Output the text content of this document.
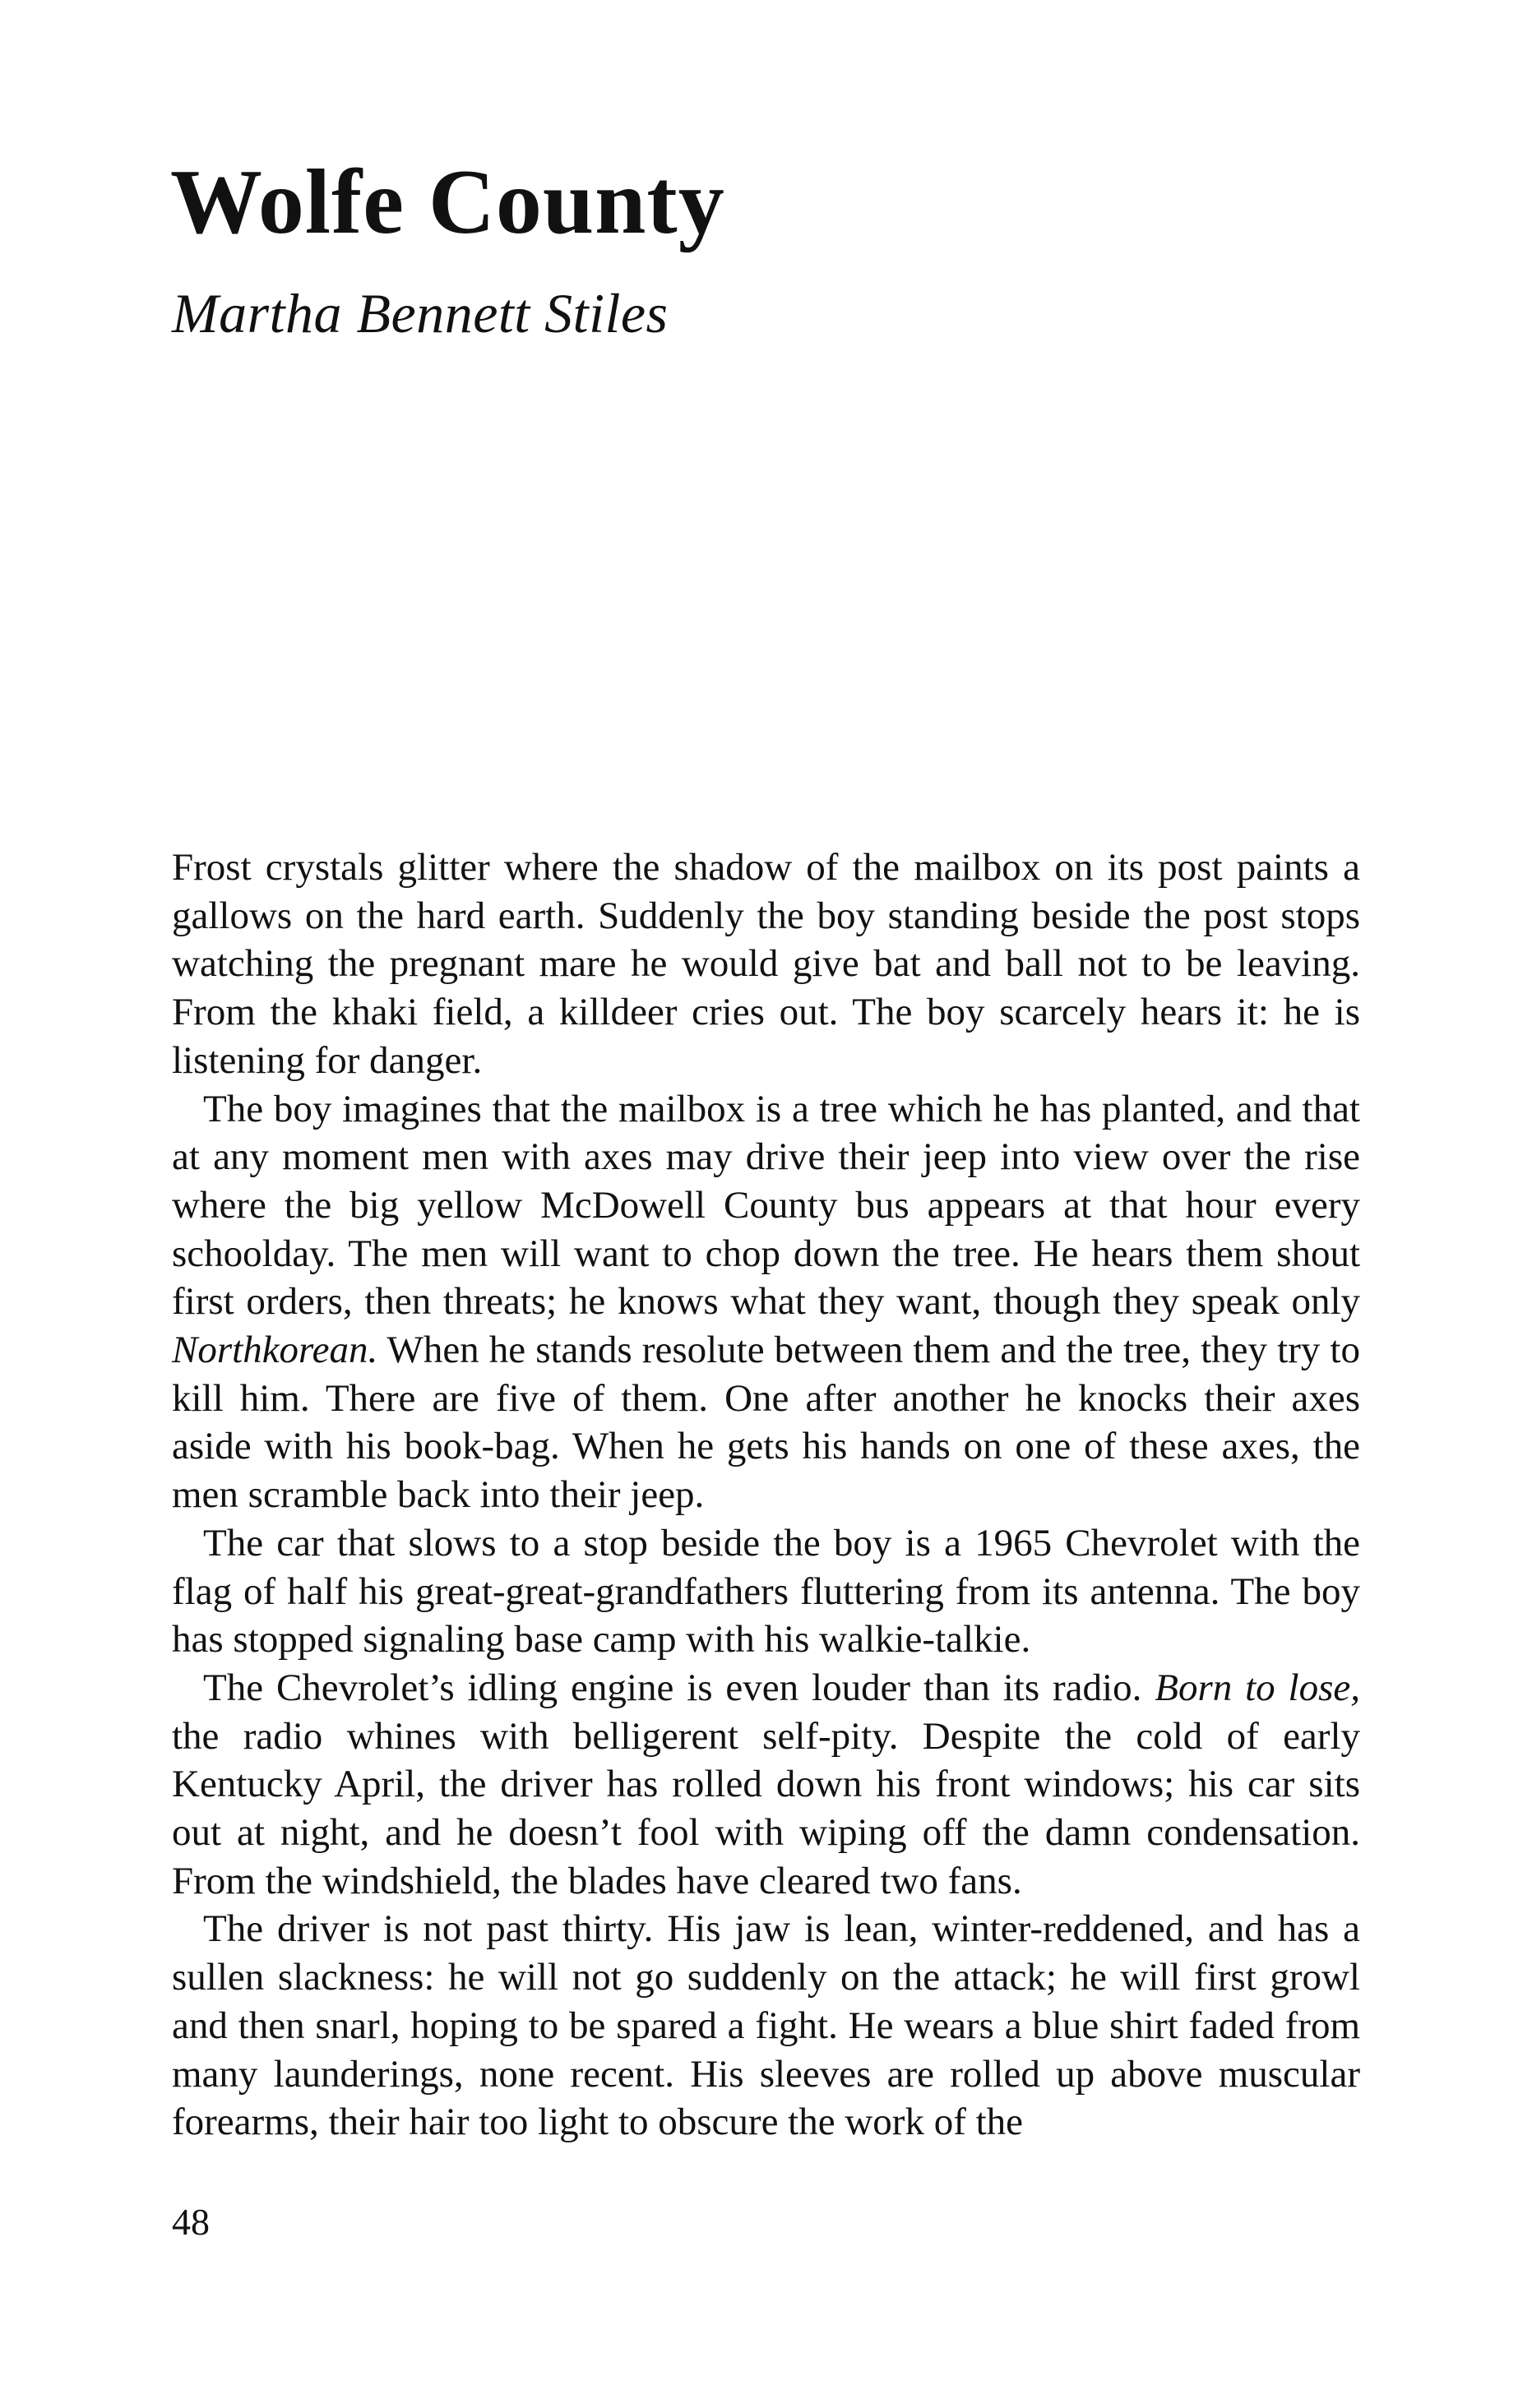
Wolfe County
Martha Bennett Stiles

Frost crystals glitter where the shadow of the mailbox on its post paints a gallows on the hard earth. Suddenly the boy standing beside the post stops watching the pregnant mare he would give bat and ball not to be leaving. From the khaki field, a killdeer cries out. The boy scarcely hears it: he is listening for danger.

The boy imagines that the mailbox is a tree which he has planted, and that at any moment men with axes may drive their jeep into view over the rise where the big yellow McDowell County bus appears at that hour every schoolday. The men will want to chop down the tree. He hears them shout first orders, then threats; he knows what they want, though they speak only Northkorean. When he stands resolute between them and the tree, they try to kill him. There are five of them. One after another he knocks their axes aside with his book-bag. When he gets his hands on one of these axes, the men scramble back into their jeep.

The car that slows to a stop beside the boy is a 1965 Chevrolet with the flag of half his great-great-grandfathers fluttering from its antenna. The boy has stopped signaling base camp with his walkie-talkie.

The Chevrolet’s idling engine is even louder than its radio. Born to lose, the radio whines with belligerent self-pity. Despite the cold of early Kentucky April, the driver has rolled down his front windows; his car sits out at night, and he doesn’t fool with wiping off the damn condensation. From the windshield, the blades have cleared two fans.

The driver is not past thirty. His jaw is lean, winter-reddened, and has a sullen slackness: he will not go suddenly on the attack; he will first growl and then snarl, hoping to be spared a fight. He wears a blue shirt faded from many launderings, none recent. His sleeves are rolled up above muscular forearms, their hair too light to obscure the work of the

48
